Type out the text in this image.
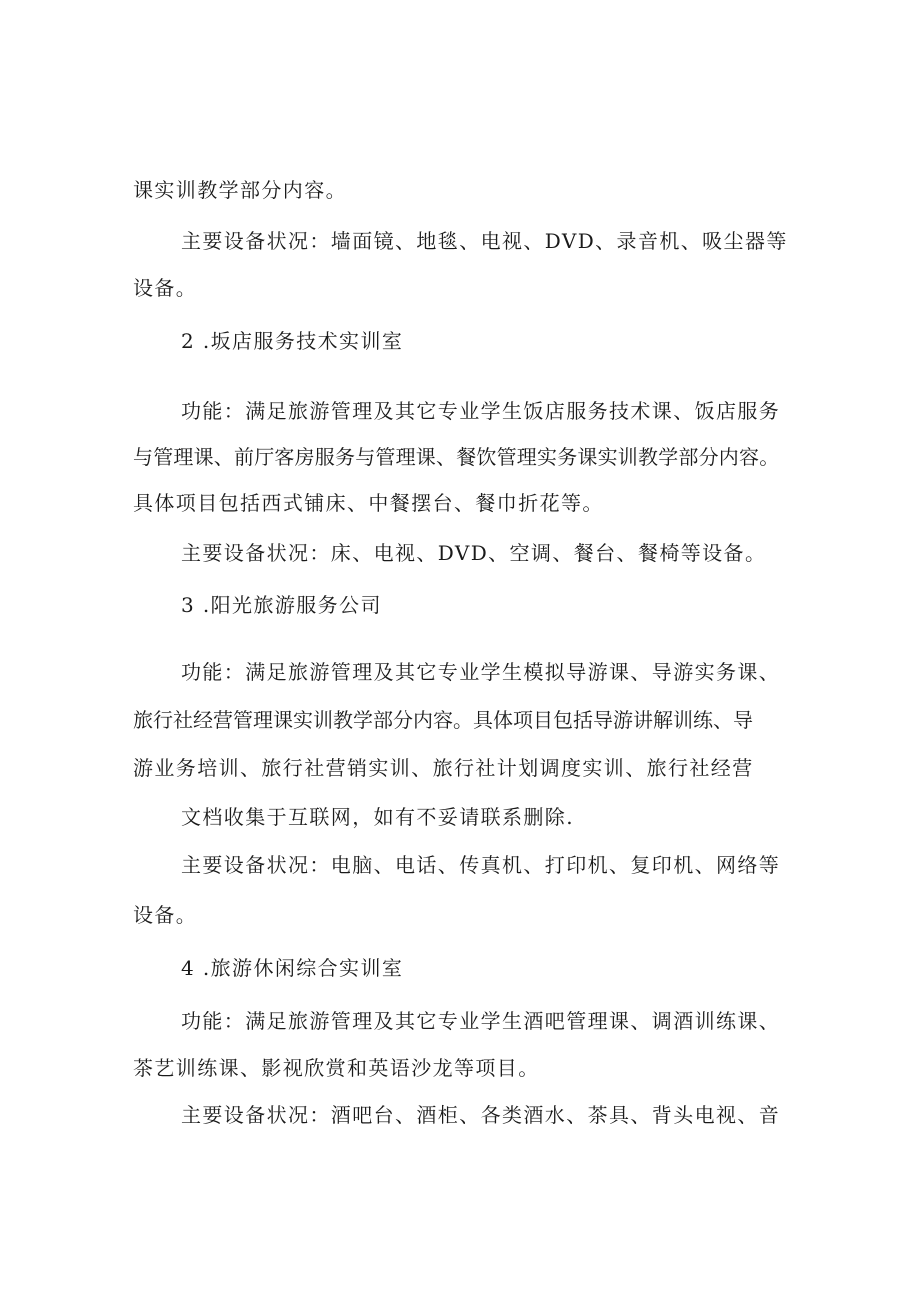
课实训教学部分内容。
主要设备状况：墙面镜、地毯、电视、DVD、录音机、吸尘器等
设备。
2 .坂店服务技术实训室
功能：满足旅游管理及其它专业学生饭店服务技术课、饭店服务
与管理课、前厅客房服务与管理课、餐饮管理实务课实训教学部分内容。
具体项目包括西式铺床、中餐摆台、餐巾折花等。
主要设备状况：床、电视、DVD、空调、餐台、餐椅等设备。
3 .阳光旅游服务公司
功能：满足旅游管理及其它专业学生模拟导游课、导游实务课、
旅行社经营管理课实训教学部分内容。具体项目包括导游讲解训练、导
游业务培训、旅行社营销实训、旅行社计划调度实训、旅行社经营
文档收集于互联网，如有不妥请联系删除.
主要设备状况：电脑、电话、传真机、打印机、复印机、网络等
设备。
4 .旅游休闲综合实训室
功能：满足旅游管理及其它专业学生酒吧管理课、调酒训练课、
茶艺训练课、影视欣赏和英语沙龙等项目。
主要设备状况：酒吧台、酒柜、各类酒水、茶具、背头电视、音
